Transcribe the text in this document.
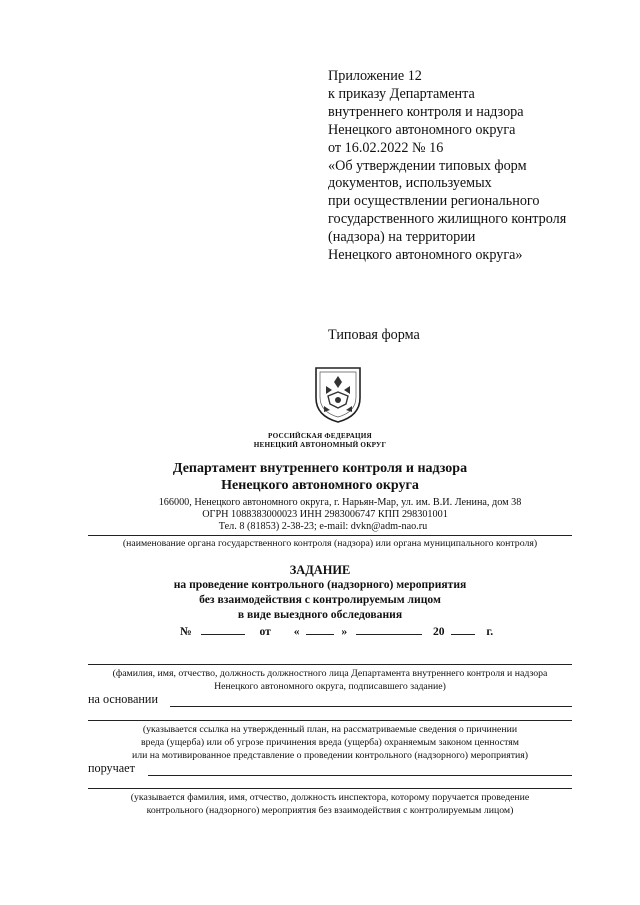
Приложение 12
к приказу Департамента
внутреннего контроля и надзора
Ненецкого автономного округа
от 16.02.2022 № 16
«Об утверждении типовых форм
документов, используемых
при осуществлении регионального
государственного жилищного контроля
(надзора) на территории
Ненецкого автономного округа»
Типовая форма
РОССИЙСКАЯ ФЕДЕРАЦИЯ
НЕНЕЦКИЙ АВТОНОМНЫЙ ОКРУГ
Департамент внутреннего контроля и надзора
Ненецкого автономного округа
166000, Ненецкого автономного округа, г. Нарьян-Мар, ул. им. В.И. Ленина, дом 38
ОГРН 1088383000023 ИНН 2983006747 КПП 298301001
Тел. 8 (81853) 2-38-23; e-mail: dvkn@adm-nao.ru
(наименование органа государственного контроля (надзора) или органа муниципального контроля)
ЗАДАНИЕ
на проведение контрольного (надзорного) мероприятия
без взаимодействия с контролируемым лицом
в виде выездного обследования
№	от «	»	20	г.
(фамилия, имя, отчество, должность должностного лица Департамента внутреннего контроля и надзора
Ненецкого автономного округа, подписавшего задание)
на основании
(указывается ссылка на утвержденный план, на рассматриваемые сведения о причинении
вреда (ущерба) или об угрозе причинения вреда (ущерба) охраняемым законом ценностям
или на мотивированное представление о проведении контрольного (надзорного) мероприятия)
поручает
(указывается фамилия, имя, отчество, должность инспектора, которому поручается проведение
контрольного (надзорного) мероприятия без взаимодействия с контролируемым лицом)
